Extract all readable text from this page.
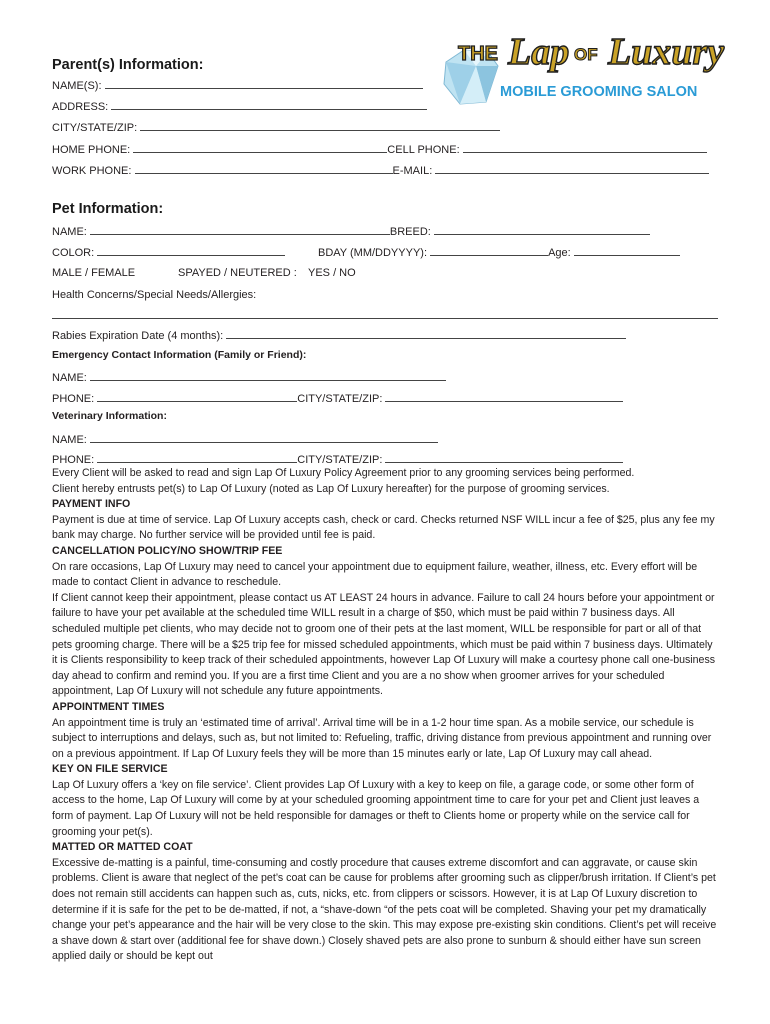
THE Lap OF Luxury
MOBILE GROOMING SALON
Parent(s) Information:
NAME(S):
ADDRESS:
CITY/STATE/ZIP:
HOME PHONE:	CELL PHONE:
WORK PHONE:	E-MAIL:
Pet Information:
NAME:	BREED:
COLOR:	BDAY (MM/DDYYYY):	Age:
MALE / FEMALE	SPAYED / NEUTERED : YES / NO
Health Concerns/Special Needs/Allergies:
Rabies Expiration Date (4 months):
Emergency Contact Information (Family or Friend):
NAME:
PHONE:	CITY/STATE/ZIP:
Veterinary Information:
NAME:
PHONE:	CITY/STATE/ZIP:

Every Client will be asked to read and sign Lap Of Luxury Policy Agreement prior to any grooming services being performed.

Client hereby entrusts pet(s) to Lap Of Luxury (noted as Lap Of Luxury hereafter) for the purpose of grooming services.

PAYMENT INFO

Payment is due at time of service. Lap Of Luxury accepts cash, check or card. Checks returned NSF WILL incur a fee of $25, plus any fee my bank may charge. No further service will be provided until fee is paid.

CANCELLATION POLICY/NO SHOW/TRIP FEE

On rare occasions, Lap Of Luxury may need to cancel your appointment due to equipment failure, weather, illness, etc. Every effort will be made to contact Client in advance to reschedule.

If Client cannot keep their appointment, please contact us AT LEAST 24 hours in advance. Failure to call 24 hours before your appointment or failure to have your pet available at the scheduled time WILL result in a charge of $50, which must be paid within 7 business days. All scheduled multiple pet clients, who may decide not to groom one of their pets at the last moment, WILL be responsible for part or all of that pets grooming charge. There will be a $25 trip fee for missed scheduled appointments, which must be paid within 7 business days. Ultimately it is Clients responsibility to keep track of their scheduled appointments, however Lap Of Luxury will make a courtesy phone call one-business day ahead to confirm and remind you. If you are a first time Client and you are a no show when groomer arrives for your scheduled appointment, Lap Of Luxury will not schedule any future appointments.

APPOINTMENT TIMES

An appointment time is truly an ‘estimated time of arrival’. Arrival time will be in a 1-2 hour time span. As a mobile service, our schedule is subject to interruptions and delays, such as, but not limited to: Refueling, traffic, driving distance from previous appointment and running over on a previous appointment. If Lap Of Luxury feels they will be more than 15 minutes early or late, Lap Of Luxury may call ahead.

KEY ON FILE SERVICE

Lap Of Luxury offers a ‘key on file service’. Client provides Lap Of Luxury with a key to keep on file, a garage code, or some other form of access to the home, Lap Of Luxury will come by at your scheduled grooming appointment time to care for your pet and Client just leaves a form of payment. Lap Of Luxury will not be held responsible for damages or theft to Clients home or property while on the service call for grooming your pet(s).

MATTED OR MATTED COAT

Excessive de-matting is a painful, time-consuming and costly procedure that causes extreme discomfort and can aggravate, or cause skin problems. Client is aware that neglect of the pet’s coat can be cause for problems after grooming such as clipper/brush irritation. If Client’s pet does not remain still accidents can happen such as, cuts, nicks, etc. from clippers or scissors. However, it is at Lap Of Luxury discretion to determine if it is safe for the pet to be de-matted, if not, a “shave-down “of the pets coat will be completed. Shaving your pet my dramatically change your pet’s appearance and the hair will be very close to the skin. This may expose pre-existing skin conditions. Client’s pet will receive a shave down & start over (additional fee for shave down.) Closely shaved pets are also prone to sunburn & should either have sun screen applied daily or should be kept out
